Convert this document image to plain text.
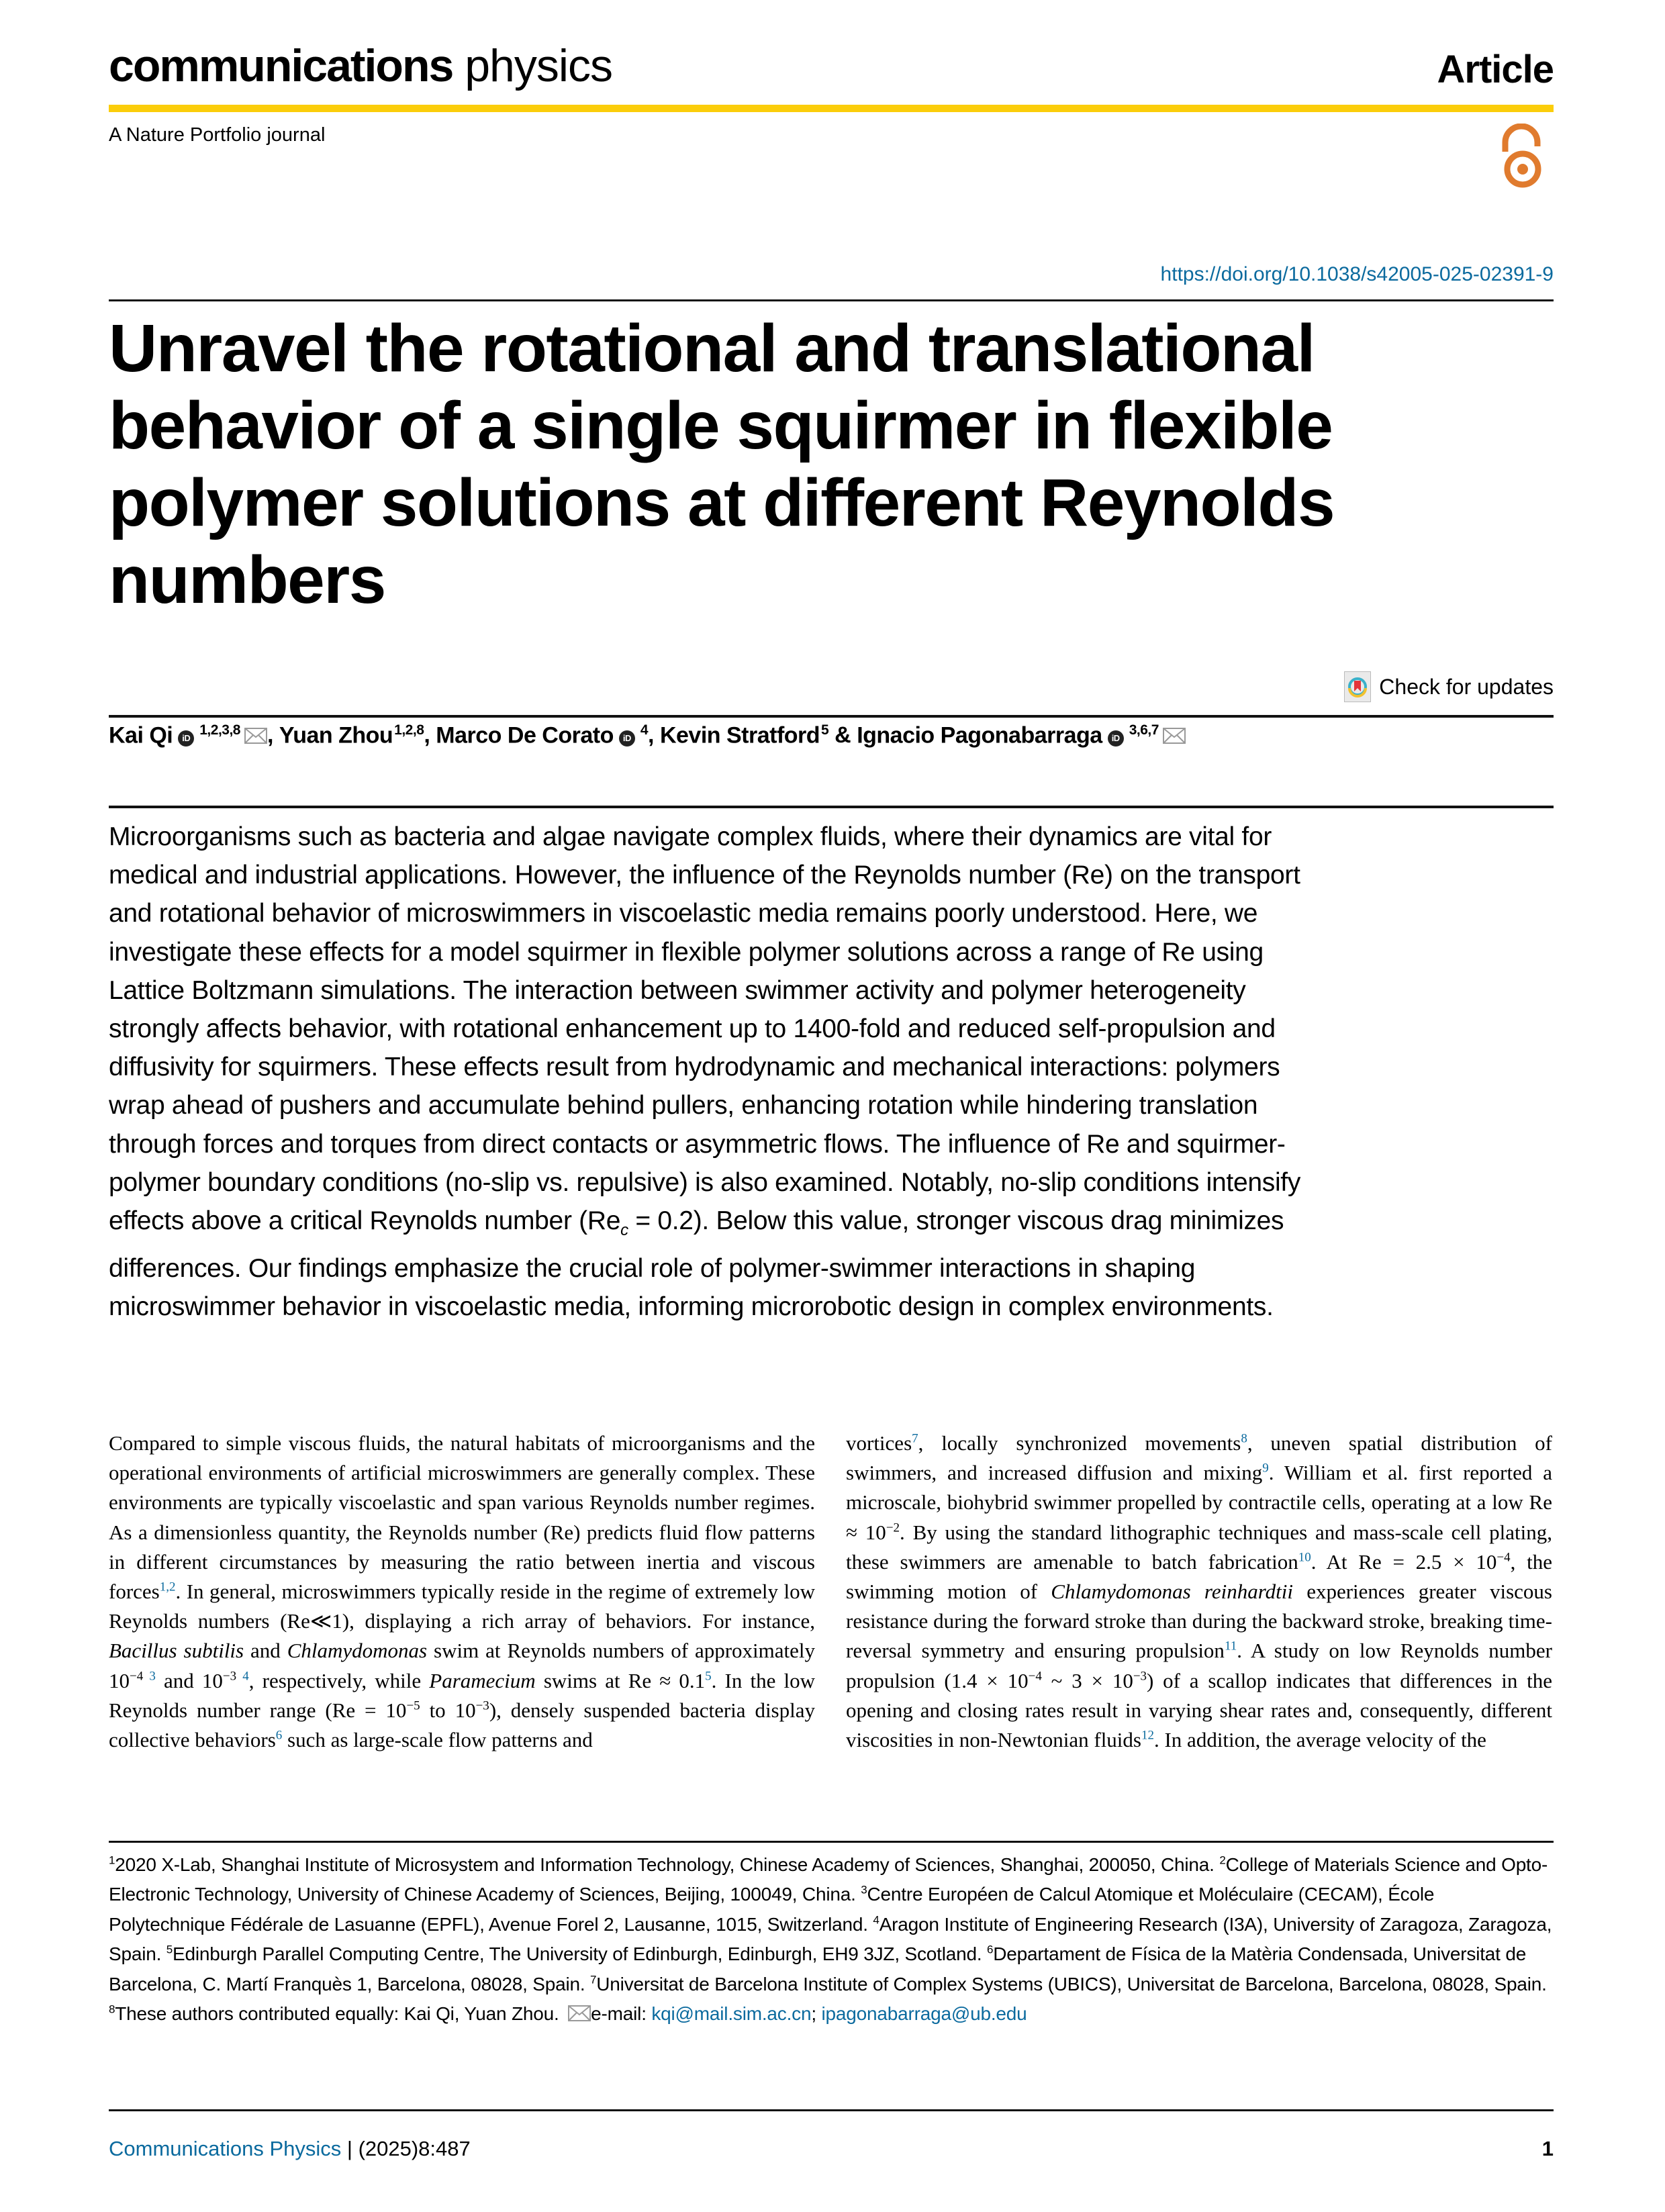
communications physics	Article
A Nature Portfolio journal
https://doi.org/10.1038/s42005-025-02391-9
Unravel the rotational and translational behavior of a single squirmer in flexible polymer solutions at different Reynolds numbers
Check for updates
Kai Qi iD$^{1,2,3,8}$	, Yuan Zhou$^{1,2,8}$ , Marco De Corato $iD^4$ , Kevin Stratford$^5$ & Ignacio Pagonabarraga iD$^{3,6,7}$

Microorganisms such as bacteria and algae navigate complex fluids, where their dynamics are vital for medical and industrial applications. However, the influence of the Reynolds number (Re) on the transport and rotational behavior of microswimmers in viscoelastic media remains poorly understood. Here, we investigate these effects for a model squirmer in flexible polymer solutions across a range of Re using Lattice Boltzmann simulations. The interaction between swimmer activity and polymer heterogeneity strongly affects behavior, with rotational enhancement up to 1400-fold and reduced self-propulsion and diffusivity for squirmers. These effects result from hydrodynamic and mechanical interactions: polymers wrap ahead of pushers and accumulate behind pullers, enhancing rotation while hindering translation through forces and torques from direct contacts or asymmetric flows. The influence of Re and squirmer-polymer boundary conditions (no-slip vs. repulsive) is also examined. Notably, no-slip conditions intensify effects above a critical Reynolds number $(Re_c = 0.2)$. Below this value, stronger viscous drag minimizes differences. Our findings emphasize the crucial role of polymer-swimmer interactions in shaping microswimmer behavior in viscoelastic media, informing microrobotic design in complex environments.

Compared to simple viscous fluids, the natural habitats of microorganisms and the operational environments of artificial microswimmers are generally complex. These environments are typically viscoelastic and span various Reynolds number regimes. As a dimensionless quantity, the Reynolds number (Re) predicts fluid flow patterns in different circumstances by measuring the ratio between inertia and viscous forces$^{1,2}$. In general, microswimmers typically reside in the regime of extremely low Reynolds numbers (Re≪1), displaying a rich array of behaviors. For instance, Bacillus subtilis and Chlamydomonas swim at Reynolds numbers of approximately $10^{-4}$ $^3$ and $10^{-3}$ $^4$, respectively, while Paramecium swims at Re ≈ 0.1$^5$. In the low Reynolds number range ($Re = 10^{-5}$ to $10^{-3}$), densely suspended bacteria display collective behaviors$^6$ such as large-scale flow patterns and

vortices$^7$, locally synchronized movements$^8$, uneven spatial distribution of swimmers, and increased diffusion and mixing$^9$. William et al. first reported a microscale, biohybrid swimmer propelled by contractile cells, operating at a low $Re \approx 10^{-2}$. By using the standard lithographic techniques and mass-scale cell plating, these swimmers are amenable to batch fabrication$^{10}$. At $Re = 2.5 \times 10^{-4}$, the swimming motion of Chlamydomonas reinhardtii experiences greater viscous resistance during the forward stroke than during the backward stroke, breaking time-reversal symmetry and ensuring propulsion$^{11}$. A study on low Reynolds number propulsion ($1.4 \times 10^{-4}$ ~ $3 \times 10^{-3}$) of a scallop indicates that differences in the opening and closing rates result in varying shear rates and, consequently, different viscosities in non-Newtonian fluids$^{12}$. In addition, the average velocity of the

$^1$2020 X-Lab, Shanghai Institute of Microsystem and Information Technology, Chinese Academy of Sciences, Shanghai, 200050, China. $^2$College of Materials Science and Opto-Electronic Technology, University of Chinese Academy of Sciences, Beijing, 100049, China. $^3$Centre Européen de Calcul Atomique et Moléculaire (CECAM), École Polytechnique Fédérale de Lasuanne (EPFL), Avenue Forel 2, Lausanne, 1015, Switzerland. $^4$Aragon Institute of Engineering Research (I3A), University of Zaragoza, Zaragoza, Spain. $^5$Edinburgh Parallel Computing Centre, The University of Edinburgh, Edinburgh, EH9 3JZ, Scotland. $^6$Departament de Física de la Matèria Condensada, Universitat de Barcelona, C. Martí Franquès 1, Barcelona, 08028, Spain. $^7$Universitat de Barcelona Institute of Complex Systems (UBICS), Universitat de Barcelona, Barcelona, 08028, Spain. $^8$These authors contributed equally: Kai Qi, Yuan Zhou. e-mail: kqi@mail.sim.ac.cn; ipagonabarraga@ub.edu

Communications Physics | (2025)8:487	1
